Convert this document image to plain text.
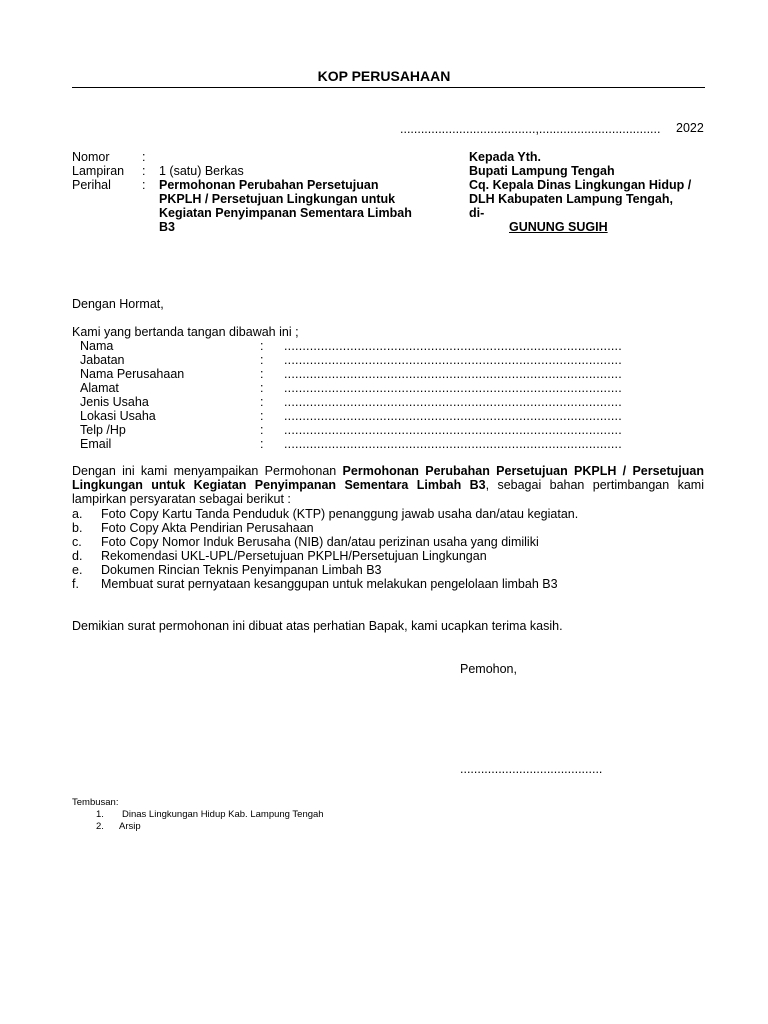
KOP PERUSAHAAN
.......................................,................................... 2022
Nomor	:
Lampiran : 1 (satu) Berkas
Perihal : Permohonan Perubahan Persetujuan
PKPLH / Persetujuan Lingkungan untuk
Kegiatan Penyimpanan Sementara Limbah
B3
Kepada Yth.
Bupati Lampung Tengah
Cq. Kepala Dinas Lingkungan Hidup /
DLH Kabupaten Lampung Tengah,
di-
GUNUNG SUGIH
Dengan Hormat,
Kami yang bertanda tangan dibawah ini ;
Nama	: ............................................................................................
Jabatan	: ............................................................................................
Nama Perusahaan	: ............................................................................................
Alamat	: ............................................................................................
Jenis Usaha	: ............................................................................................
Lokasi Usaha	: ............................................................................................
Telp /Hp	: ............................................................................................
Email	: ............................................................................................
Dengan ini kami menyampaikan Permohonan Permohonan Perubahan Persetujuan PKPLH / Persetujuan Lingkungan untuk Kegiatan Penyimpanan Sementara Limbah B3, sebagai bahan pertimbangan kami lampirkan persyaratan sebagai berikut :
a. Foto Copy Kartu Tanda Penduduk (KTP) penanggung jawab usaha dan/atau kegiatan.
b. Foto Copy Akta Pendirian Perusahaan
c. Foto Copy Nomor Induk Berusaha (NIB) dan/atau perizinan usaha yang dimiliki
d. Rekomendasi UKL-UPL/Persetujuan PKPLH/Persetujuan Lingkungan
e. Dokumen Rincian Teknis Penyimpanan Limbah B3
f. Membuat surat pernyataan kesanggupan untuk melakukan pengelolaan limbah B3
Demikian surat permohonan ini dibuat atas perhatian Bapak, kami ucapkan terima kasih.
Pemohon,
.........................................
Tembusan:
1. Dinas Lingkungan Hidup Kab. Lampung Tengah
2. Arsip
